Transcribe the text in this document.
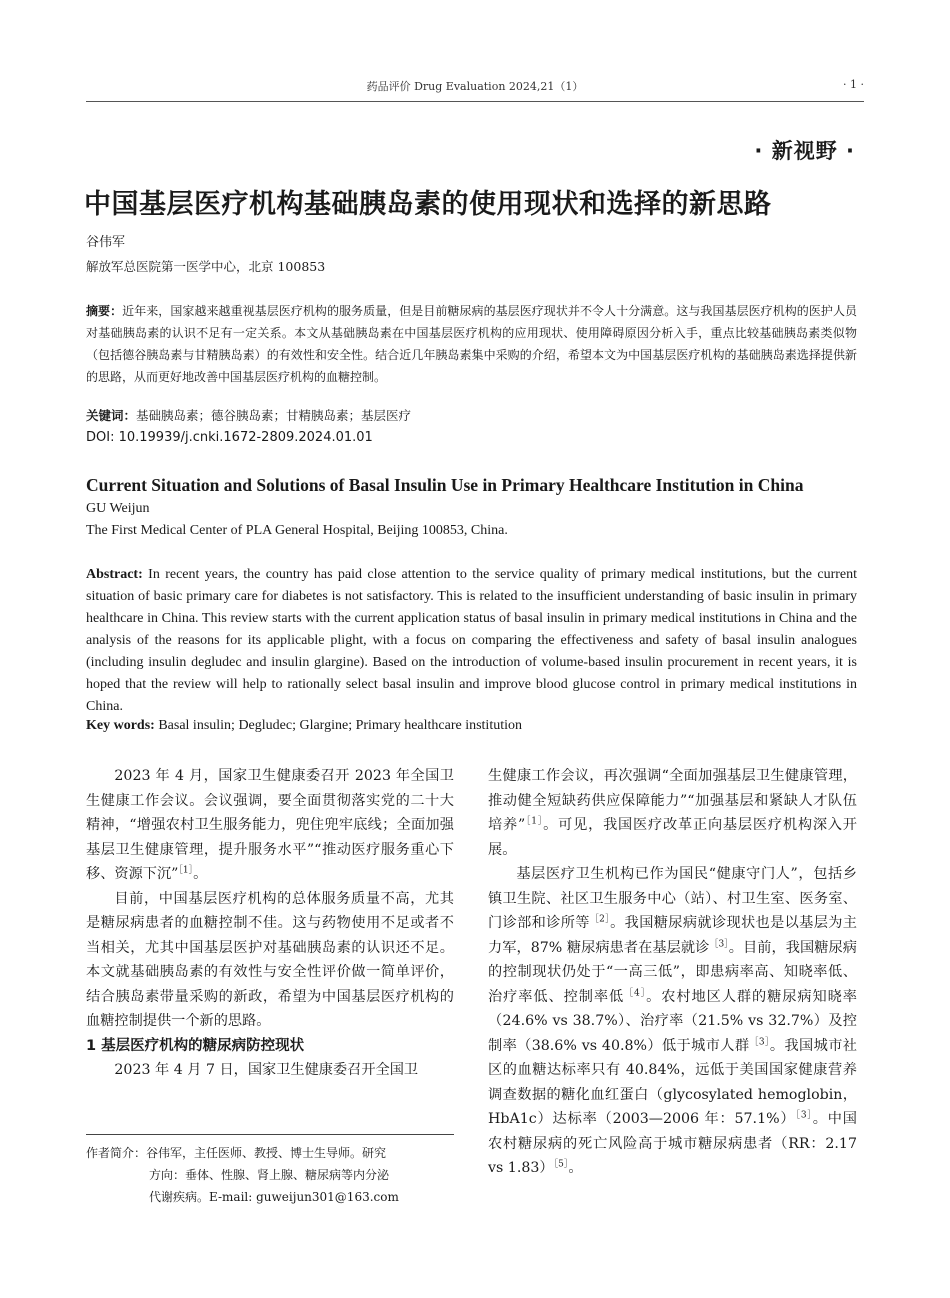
药品评价 Drug Evaluation 2024,21（1）	· 1 ·
· 新视野 ·
中国基层医疗机构基础胰岛素的使用现状和选择的新思路
谷伟军
解放军总医院第一医学中心，北京 100853
摘要：近年来，国家越来越重视基层医疗机构的服务质量，但是目前糖尿病的基层医疗现状并不令人十分满意。这与我国基层医疗机构的医护人员对基础胰岛素的认识不足有一定关系。本文从基础胰岛素在中国基层医疗机构的应用现状、使用障碍原因分析入手，重点比较基础胰岛素类似物（包括德谷胰岛素与甘精胰岛素）的有效性和安全性。结合近几年胰岛素集中采购的介绍，希望本文为中国基层医疗机构的基础胰岛素选择提供新的思路，从而更好地改善中国基层医疗机构的血糖控制。
关键词：基础胰岛素；德谷胰岛素；甘精胰岛素；基层医疗
DOI: 10.19939/j.cnki.1672-2809.2024.01.01
Current Situation and Solutions of Basal Insulin Use in Primary Healthcare Institution in China
GU Weijun
The First Medical Center of PLA General Hospital, Beijing 100853, China.
Abstract: In recent years, the country has paid close attention to the service quality of primary medical institutions, but the current situation of basic primary care for diabetes is not satisfactory. This is related to the insufficient understanding of basic insulin in primary healthcare in China. This review starts with the current application status of basal insulin in primary medical institutions in China and the analysis of the reasons for its applicable plight, with a focus on comparing the effectiveness and safety of basal insulin analogues (including insulin degludec and insulin glargine). Based on the introduction of volume-based insulin procurement in recent years, it is hoped that the review will help to rationally select basal insulin and improve blood glucose control in primary medical institutions in China.
Key words: Basal insulin; Degludec; Glargine; Primary healthcare institution

2023 年 4 月，国家卫生健康委召开 2023 年全国卫生健康工作会议。会议强调，要全面贯彻落实党的二十大精神，“增强农村卫生服务能力，兜住兜牢底线；全面加强基层卫生健康管理，提升服务水平”“推动医疗服务重心下移、资源下沉”$^{[1]}$。

目前，中国基层医疗机构的总体服务质量不高，尤其是糖尿病患者的血糖控制不佳。这与药物使用不足或者不当相关，尤其中国基层医护对基础胰岛素的认识还不足。本文就基础胰岛素的有效性与安全性评价做一简单评价，结合胰岛素带量采购的新政，希望为中国基层医疗机构的血糖控制提供一个新的思路。

1 基层医疗机构的糖尿病防控现状

2023 年 4 月 7 日，国家卫生健康委召开全国卫

生健康工作会议，再次强调“全面加强基层卫生健康管理，推动健全短缺药供应保障能力”“加强基层和紧缺人才队伍培养”$^{[1]}$。可见，我国医疗改革正向基层医疗机构深入开展。

基层医疗卫生机构已作为国民“健康守门人”，包括乡镇卫生院、社区卫生服务中心（站）、村卫生室、医务室、门诊部和诊所等$^{[2]}$。我国糖尿病就诊现状也是以基层为主力军，87% 糖尿病患者在基层就诊$^{[3]}$。目前，我国糖尿病的控制现状仍处于“一高三低”，即患病率高、知晓率低、治疗率低、控制率低$^{[4]}$。农村地区人群的糖尿病知晓率（24.6% vs 38.7%）、治疗率（21.5% vs 32.7%）及控制率（38.6% vs 40.8%）低于城市人群$^{[3]}$。我国城市社区的血糖达标率只有 40.84%，远低于美国国家健康营养调查数据的糖化血红蛋白（glycosylated hemoglobin，HbA1c）达标率（2003—2006 年：57.1%）$^{[3]}$。中国农村糖尿病的死亡风险高于城市糖尿病患者（RR：2.17 vs 1.83）$^{[5]}$。

作者简介：谷伟军，主任医师、教授、博士生导师。研究
方向：垂体、性腺、肾上腺、糖尿病等内分泌
代谢疾病。E-mail: guweijun301@163.com
